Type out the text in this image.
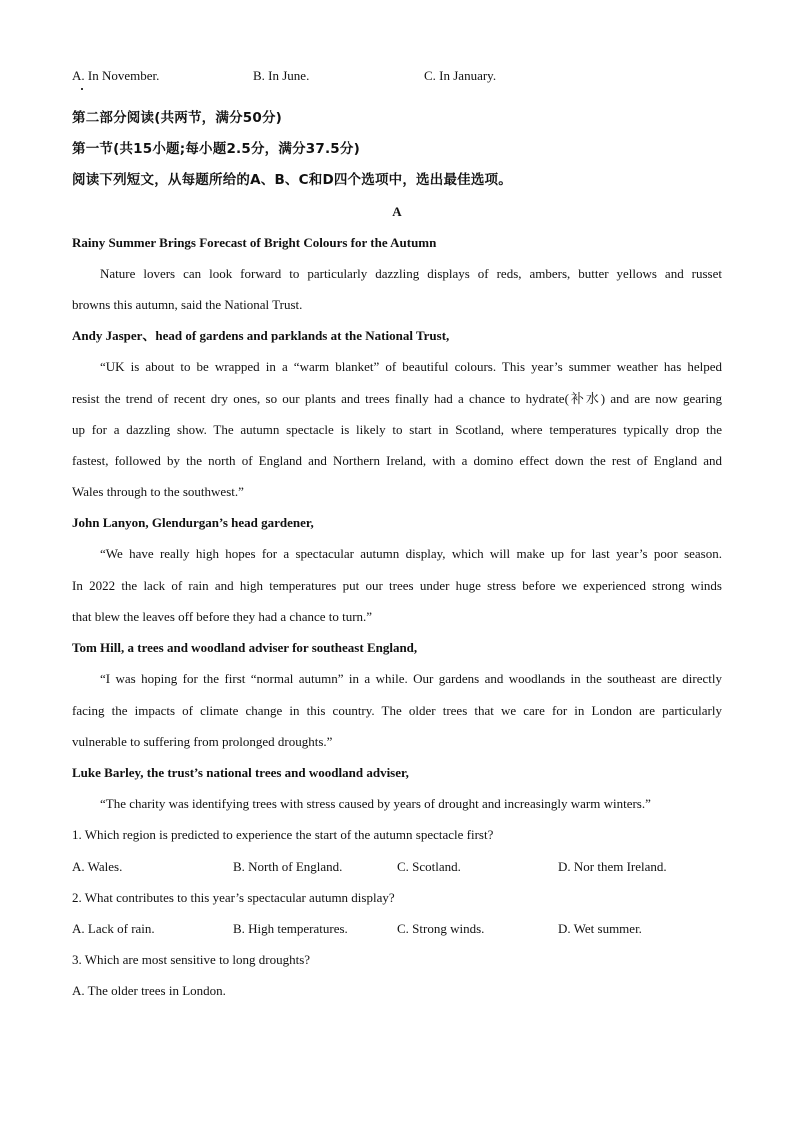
A. In November.	B. In June.	C. In January.
第二部分阅读(共两节，满分50分)
第一节(共15小题;每小题2.5分，满分37.5分)
阅读下列短文，从每题所给的A、B、C和D四个选项中，选出最佳选项。
A
Rainy Summer Brings Forecast of Bright Colours for the Autumn
Nature lovers can look forward to particularly dazzling displays of reds, ambers, butter yellows and russet
browns this autumn, said the National Trust.
Andy Jasper、head of gardens and parklands at the National Trust,
“UK is about to be wrapped in a “warm blanket” of beautiful colours. This year’s summer weather has helped
resist the trend of recent dry ones, so our plants and trees finally had a chance to hydrate(补水) and are now gearing
up for a dazzling show. The autumn spectacle is likely to start in Scotland, where temperatures typically drop the
fastest, followed by the north of England and Northern Ireland, with a domino effect down the rest of England and
Wales through to the southwest.”
John Lanyon, Glendurgan’s head gardener,
“We have really high hopes for a spectacular autumn display, which will make up for last year’s poor season.
In 2022 the lack of rain and high temperatures put our trees under huge stress before we experienced strong winds
that blew the leaves off before they had a chance to turn.”
Tom Hill, a trees and woodland adviser for southeast England,
“I was hoping for the first “normal autumn” in a while. Our gardens and woodlands in the southeast are directly
facing the impacts of climate change in this country. The older trees that we care for in London are particularly
vulnerable to suffering from prolonged droughts.”
Luke Barley, the trust’s national trees and woodland adviser,
“The charity was identifying trees with stress caused by years of drought and increasingly warm winters.”
1. Which region is predicted to experience the start of the autumn spectacle first?
A. Wales.	B. North of England.	C. Scotland.	D. Nor them Ireland.
2. What contributes to this year’s spectacular autumn display?
A. Lack of rain.	B. High temperatures.	C. Strong winds.	D. Wet summer.
3. Which are most sensitive to long droughts?
A. The older trees in London.
